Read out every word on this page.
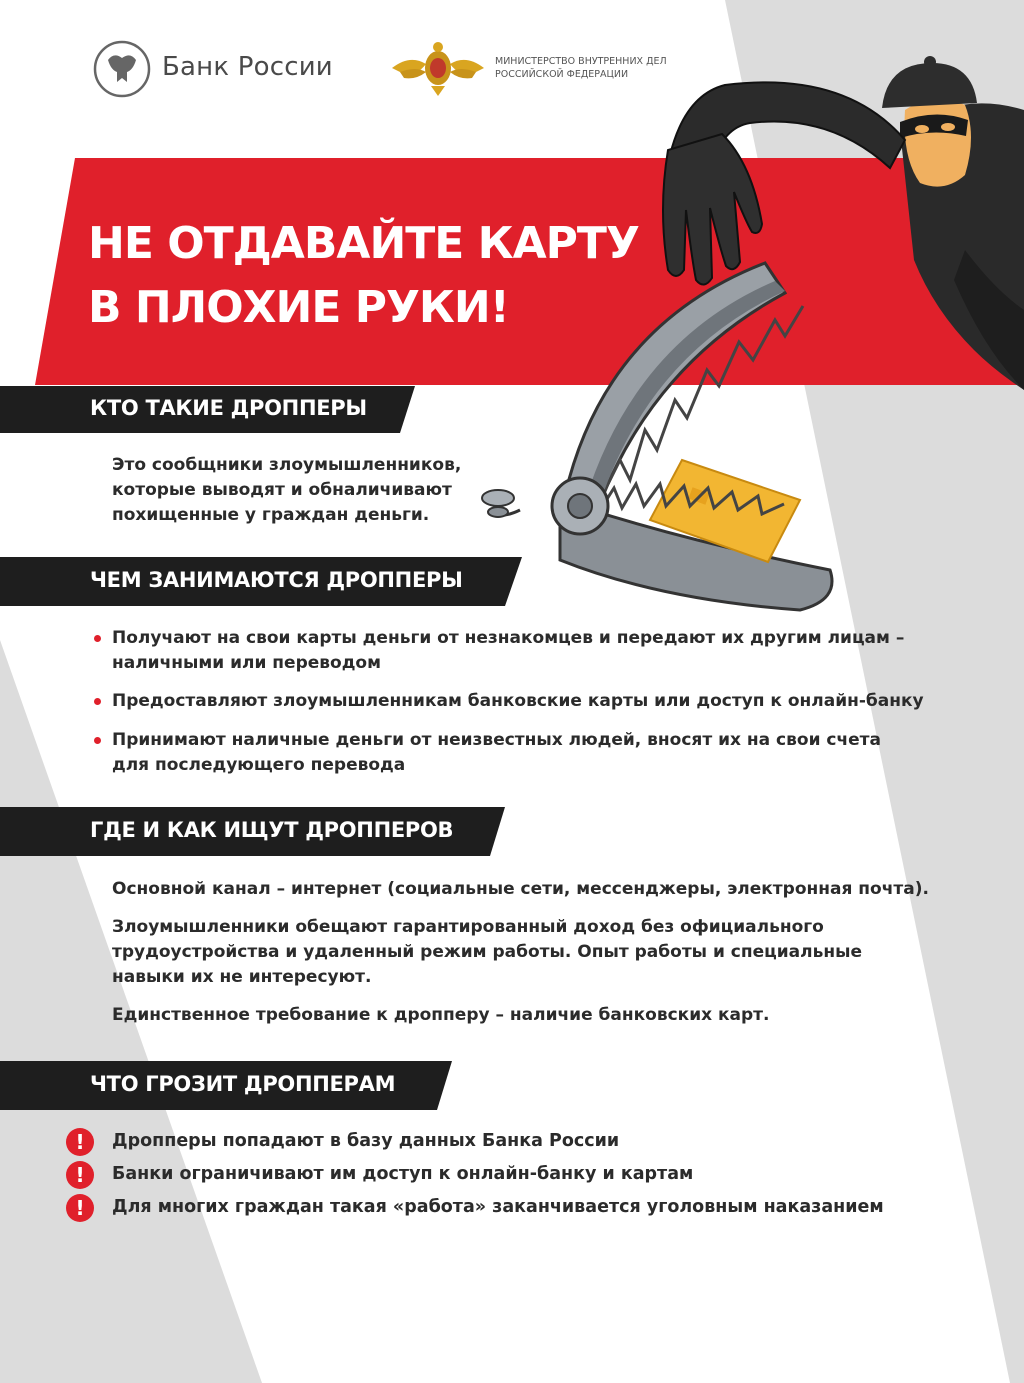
Банк России	МИНИСТЕРСТВО ВНУТРЕННИХ ДЕЛ
РОССИЙСКОЙ ФЕДЕРАЦИИ
НЕ ОТДАВАЙТЕ КАРТУ
В ПЛОХИЕ РУКИ!
КТО ТАКИЕ ДРОППЕРЫ
Это сообщники злоумышленников,
которые выводят и обналичивают
похищенные у граждан деньги.
ЧЕМ ЗАНИМАЮТСЯ ДРОППЕРЫ
Получают на свои карты деньги от незнакомцев и передают их другим лицам –
наличными или переводом
Предоставляют злоумышленникам банковские карты или доступ к онлайн-банку
Принимают наличные деньги от неизвестных людей, вносят их на свои счета
для последующего перевода
ГДЕ И КАК ИЩУТ ДРОППЕРОВ
Основной канал – интернет (социальные сети, мессенджеры, электронная почта).
Злоумышленники обещают гарантированный доход без официального
трудоустройства и удаленный режим работы. Опыт работы и специальные
навыки их не интересуют.
Единственное требование к дропперу – наличие банковских карт.
ЧТО ГРОЗИТ ДРОППЕРАМ
!	Дропперы попадают в базу данных Банка России
!	Банки ограничивают им доступ к онлайн-банку и картам
!	Для многих граждан такая «работа» заканчивается уголовным наказанием
